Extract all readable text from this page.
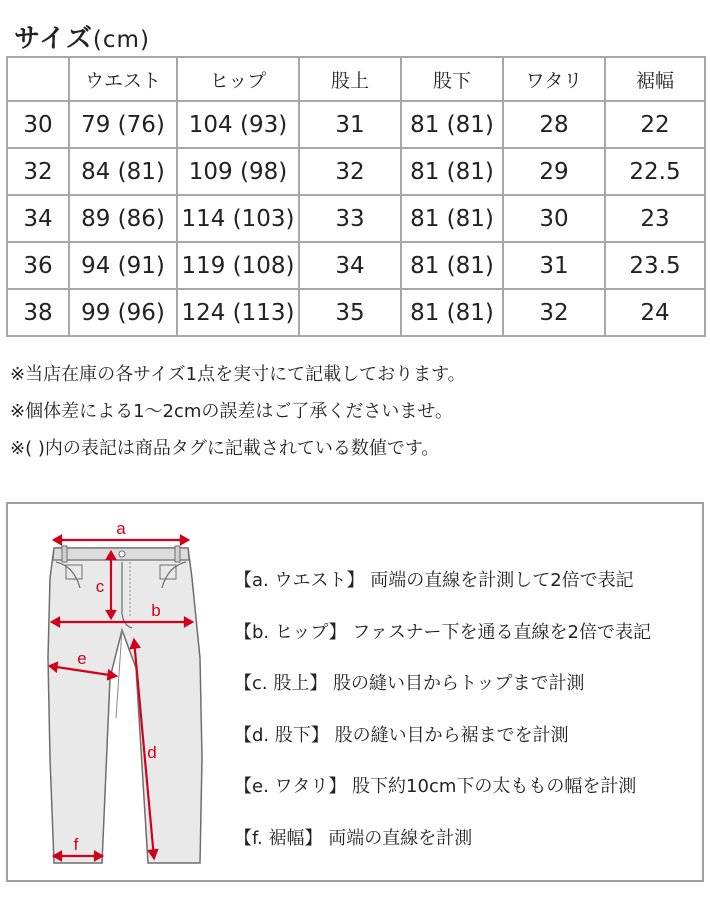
サイズ(cm)
	ウエスト	ヒップ	股上	股下	ワタリ	裾幅
30	79 (76)	104 (93)	31	81 (81)	28	22
32	84 (81)	109 (98)	32	81 (81)	29	22.5
34	89 (86)	114 (103)	33	81 (81)	30	23
36	94 (91)	119 (108)	34	81 (81)	31	23.5
38	99 (96)	124 (113)	35	81 (81)	32	24
※当店在庫の各サイズ1点を実寸にて記載しております。
※個体差による1～2cmの誤差はご了承くださいませ。
※( )内の表記は商品タグに記載されている数値です。
a
c
b
e
d
f
【a. ウエスト】 両端の直線を計測して2倍で表記
【b. ヒップ】 ファスナー下を通る直線を2倍で表記
【c. 股上】 股の縫い目からトップまで計測
【d. 股下】 股の縫い目から裾までを計測
【e. ワタリ】 股下約10cm下の太ももの幅を計測
【f. 裾幅】 両端の直線を計測
